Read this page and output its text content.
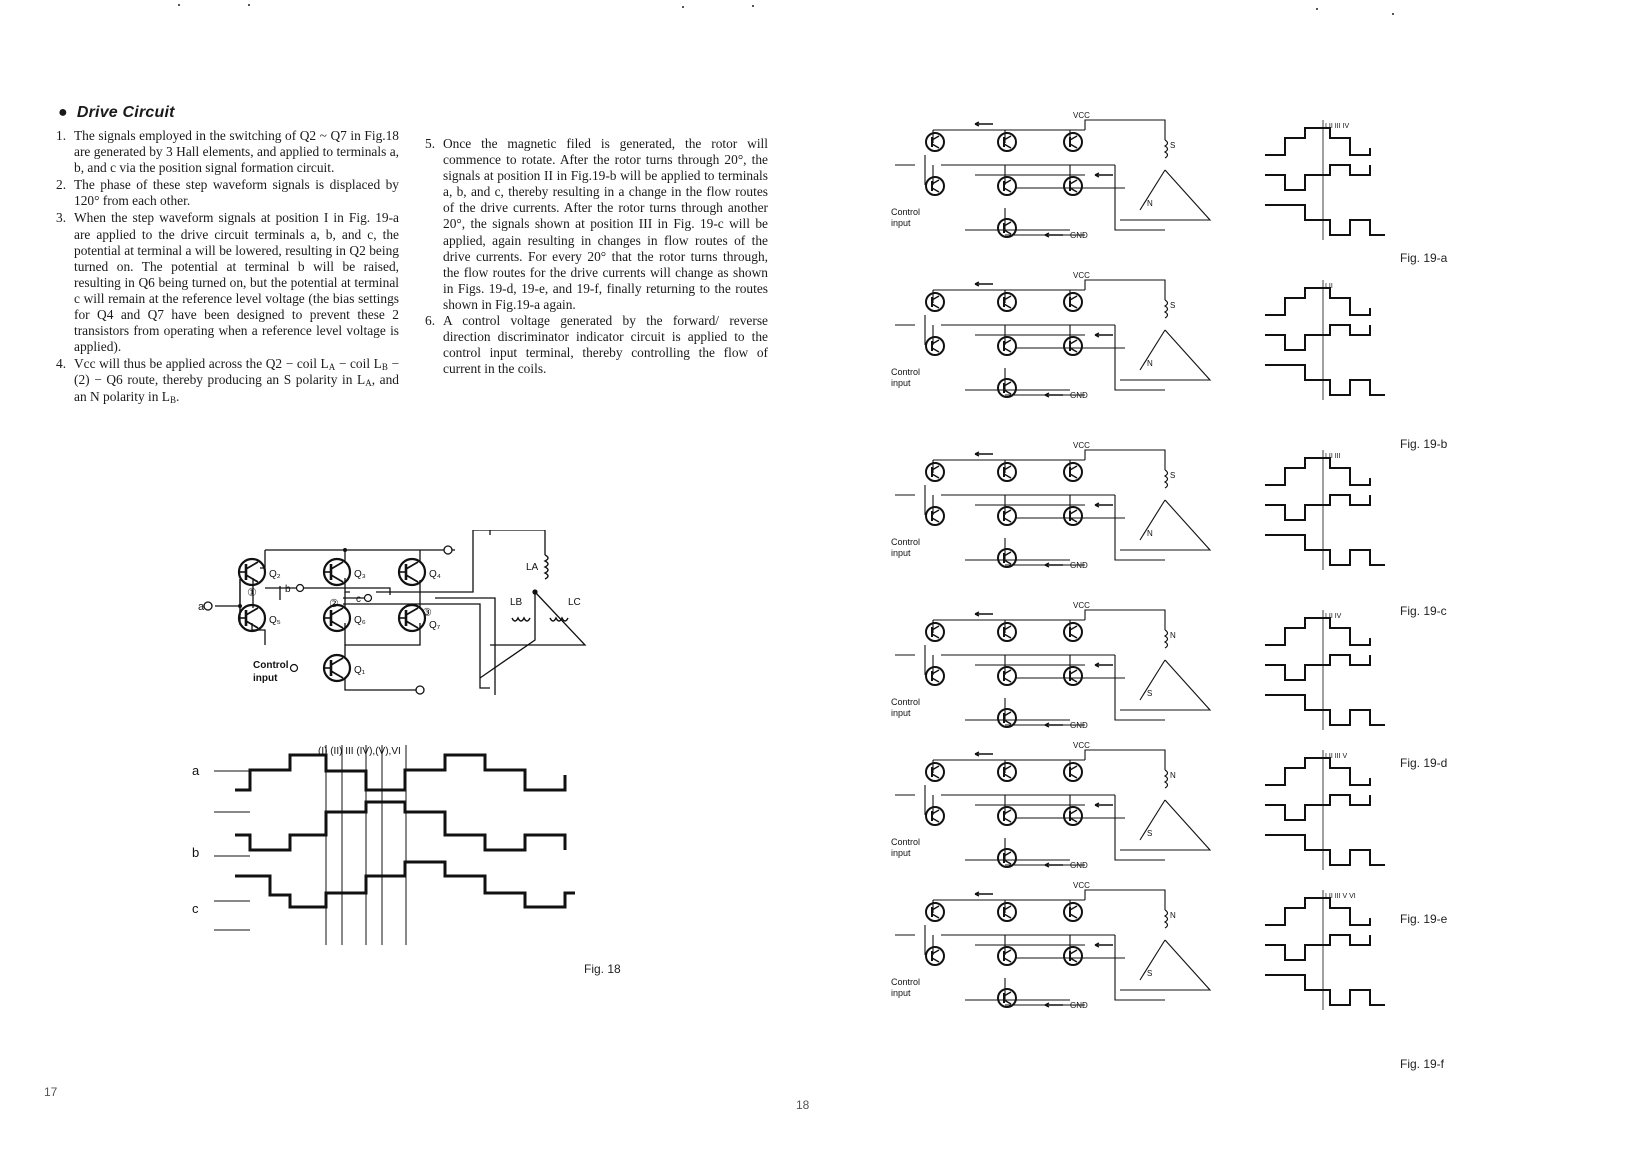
● Drive Circuit

1. The signals employed in the switching of Q2 ~ Q7 in Fig.18 are generated by 3 Hall elements, and applied to terminals a, b, and c via the position signal formation circuit.

2. The phase of these step waveform signals is displaced by 120° from each other.

3. When the step waveform signals at position I in Fig. 19-a are applied to the drive circuit terminals a, b, and c, the potential at terminal a will be lowered, resulting in Q2 being turned on. The potential at terminal b will be raised, resulting in Q6 being turned on, but the potential at terminal c will remain at the reference level voltage (the bias settings for Q4 and Q7 have been designed to prevent these 2 transistors from operating when a reference level voltage is applied).

4. Vcc will thus be applied across the Q2 − coil $L_A$ − coil $L_B - (2) - Q6$ route, thereby producing an S polarity in $L_A$, and an N polarity in $L_B$.

5. Once the magnetic filed is generated, the rotor will commence to rotate. After the rotor turns through 20°, the signals at position II in Fig.19-b will be applied to terminals a, b, and c, thereby resulting in a change in the flow routes of the drive currents. After the rotor turns through another 20°, the signals shown at position III in Fig. 19-c will be applied, again resulting in changes in flow routes of the drive currents. For every 20° that the rotor turns through, the flow routes for the drive currents will change as shown in Figs. 19-d, 19-e, and 19-f, finally returning to the routes shown in Fig.19-a again.

6. A control voltage generated by the forward/ reverse direction discriminator indicator circuit is applied to the control input terminal, thereby controlling the flow of current in the coils.

a
b
c
Q₂	Q₃	Q₄
Q₅	Q₆	Q₇
Q₁
①
②
③
LA
LB	LC
Control
input
a
b
c
(I) (II) III (IV),(V),VI
Fig. 18
VCC
GND
Control
input
S
N
I II III IV
Fig. 19-a
VCC
GND
Control
input
S
N
I II
Fig. 19-b
VCC
GND
Control
input
S
N
I II III
Fig. 19-c
VCC
GND
Control
input
N
S
I II IV
Fig. 19-d
VCC
GND
Control
input
N
S
I II III V
Fig. 19-e
VCC
GND
Control
input
N
S
I II III V VI
Fig. 19-f
17
18
